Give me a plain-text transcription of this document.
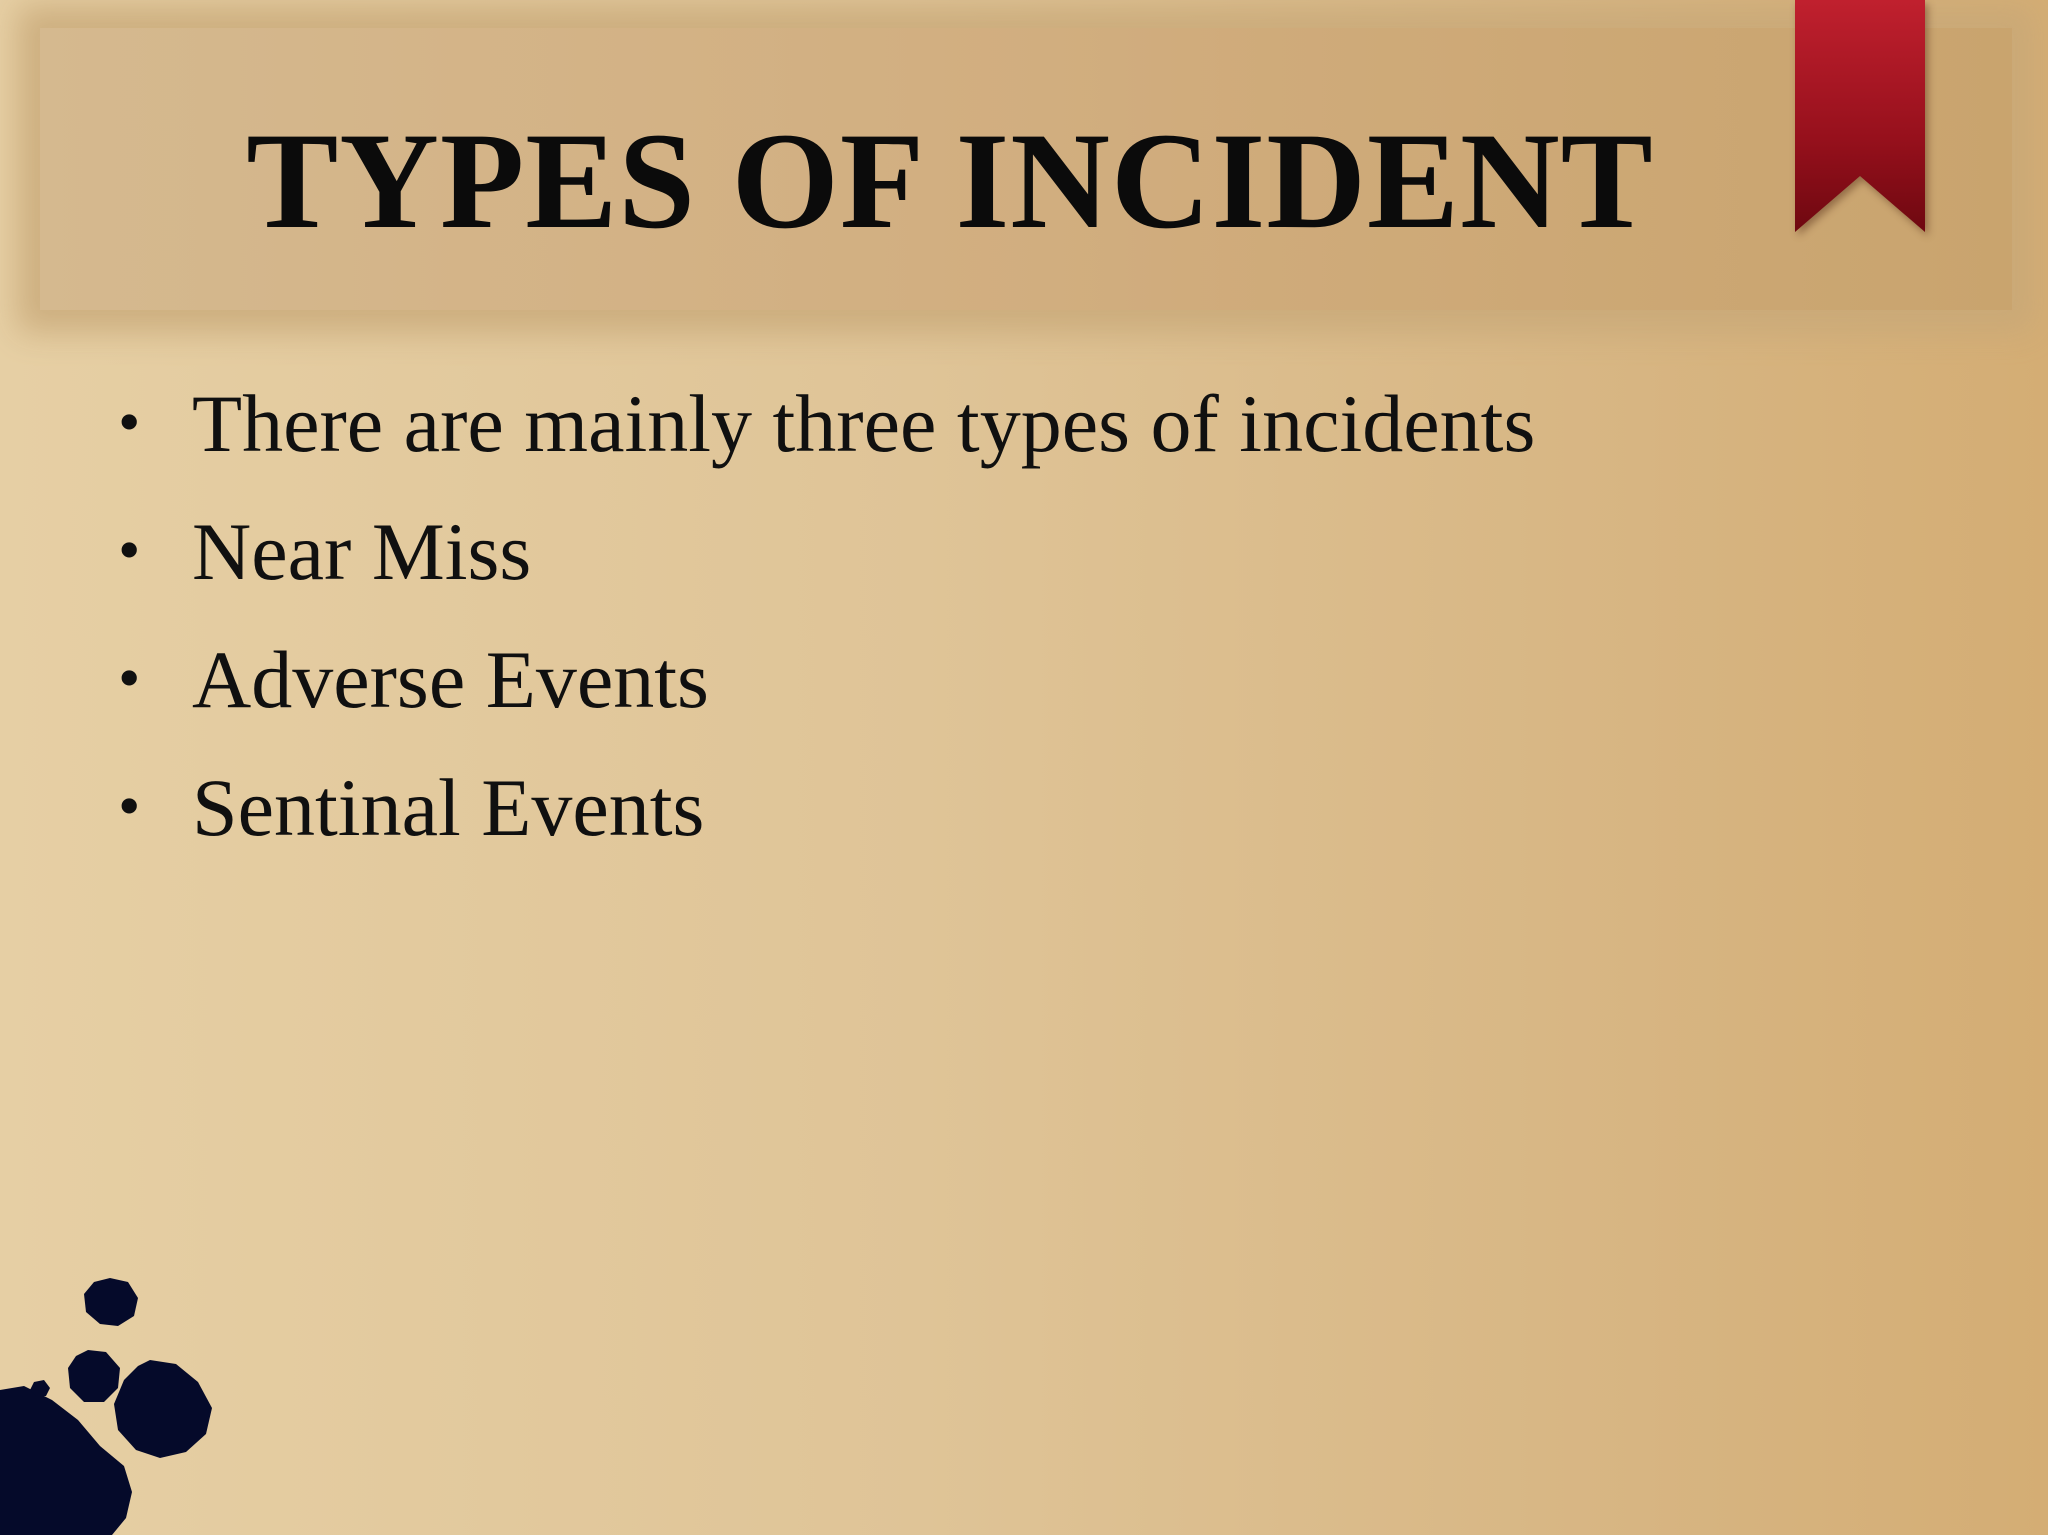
TYPES OF INCIDENT
• There are mainly three types of incidents
• Near Miss
• Adverse Events
• Sentinal Events
